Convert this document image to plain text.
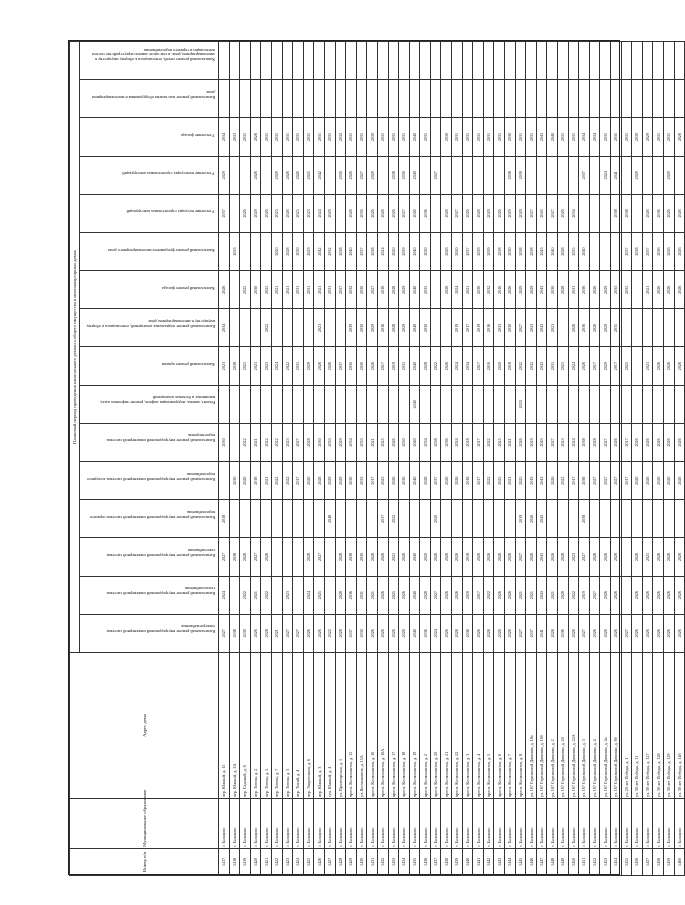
Номер п/п	Муниципальное образование	Адрес дома	Плановый период проведения капитального ремонта общего имущества в многоквартирных домах															

			Капитальный ремонт внутридомовой инженерной системы электроснабжения	Капитальный ремонт внутридомовой инженерной системы теплоснабжения	Капитальный ремонт внутридомовой инженерной системы газоснабжения	Капитальный ремонт внутридомовой инженерной системы горячего водоснабжения	Капитальный ремонт внутридомовой инженерной системы холодного водоснабжения	Капитальный ремонт внутридомовой инженерной системы водоотведения	Ремонт, замена, модернизация лифтов, ремонт лифтовых шахт, машинных и блочных помещений	Капитальный ремонт крыши	Капитальный ремонт подвальных помещений, относящихся к общему имуществу в многоквартирном доме	Капитальный ремонт фасада	Капитальный ремонт фундамента многоквартирного дома	Утепление несущих строительных конструкций	Утепление ненесущих строительных конструкций	Утепление фасада	Капитальный ремонт или замена оборудования в многоквартирном доме	Капитальный ремонт печей, относящихся к общему имуществу в многоквартирном доме, в том числе замена переустройство систем вентиляции и горячего водоснабжения

1417	г. Балаково	пер. Южный, д. 15	2027	2024	2027	2018		2030		2023	2034	2026		2037	2029	2034		
1418	г. Балаково	пер. Южный, д. 3А	2038		2038		2030			2038			2033			2033		
1419	г. Балаково	пер. Садовый, д. 8	2030	2022	2026		2020	2022		2021		2025		2026		2031		
1420	г. Балаково	пер. Титова, д. 2	2026	2021	2027		2018	2021		2021		2030		2029	2026	2026		
1421	г. Балаково	пер. Титова, д. 5	2028	2022	2026		2021	2022		2023	2022	2025		2026		2031		
1422	г. Балаково	пер. Титова, д. 7	2021				2022	2022		2024		2021	2020	2025	2029	2031		
1423	г. Балаково	пер. Титова, д. 3	2027	2023			2022	2023		2022		2021	2028	2026	2026	2031		
1424	г. Балаково	пер. Тихий, д. 4	2027				2017	2027		2031		2031	2030	2025	2026	2031		
1425	г. Балаково	пер. Энергетиков, д. 6	2026	2024	2028		2026	2028		2029		2031	2029	2023	2025	2031		
1426	г. Балаково	пер. Южный, д. 3	2026	2025	2027		2028	2030		2026	2021	2021	2042	2024	2042	2031		
1427	г. Балаково	туп. Южный, д. 4	2022			2048	2029	2033		2026		2031	2032	2029		2031		
1428	г. Балаково	ул. Пролетарская, д. 1	2028	2028	2028		2029	2029		2037		2037	2038		2030	2032		
1429	г. Балаково	просп. Космонавтов, д. 15	2037	2036	2038		2030	2034		2030	2039	2032	2040	2026	2026	2031		
1430	г. Балаково	ул. Космонавтов, д. 15А	2030	2031	2030		2033	2033		2030	2030	2030	2037	2030	2027	2031		
1431	г. Балаково	просп. Космонавтов, д. 16	2026	2021	2026		2017	2021		2026	2029	2027	2038	2026	2029	2030		
1432	г. Балаково	просп. Космонавтов, д. 16А	2026	2026	2026	2017	2025	2025		2017	2016	2016	2024	2026		2031		
1433	г. Балаково	просп. Космонавтов, д. 17	2026	2025	2025	2022	2026	2026		2019	2028	2028	2020	2026	2038	2031		
1434	г. Балаково	просп. Космонавтов, д. 18	2026	2026	2026		2030	2030		2031	2029	2029	2039	2027	2030	2031		
1435	г. Балаково	просп. Космонавтов, д. 19	2040	2040	2040		2040	2040	2040	2040	2040	2040	2040	2040	2040	2040		
1436	г. Балаково	просп. Космонавтов, д. 2	2036	2028	2020		2028	2034		2028	2030	2035	2030	2036		2031		
1437	г. Балаково	просп. Космонавтов, д. 20	2024	2027	2026	2020	2037	2038		2022					2027			
1438	г. Балаково	просп. Космонавтов, д. 21	2026	2026	2026		2026	2036		2026		2026	2026	2026		2030		
1439	г. Балаково	просп. Космонавтов, д. 22	2026	2026	2026		2026	2024		2024	2019	2024	2020	2027		2031		
1440	г. Балаково	просп. Космонавтов, д. 3	2036	2018	2018		2018	2018		2034	2017	2021	2037	2026		2031		
1441	г. Балаково	просп. Космонавтов, д. 4	2026	2017	2026		2017	2017		2017	2019	2036	2039	2026		2031		
1442	г. Балаково	просп. Космонавтов, д. 5	2026	2022	2026		2022	2022		2016	2016	2032	2039	2029		2031		
1443	г. Балаково	просп. Космонавтов, д. 6	2026	2026	2026		2025	2025		2020	2033	2016	2038	2026		2031		
1444	г. Балаково	просп. Космонавтов, д. 7	2026	2026	2026		2021	2021		2018	2030	2026	2030	2029	2038	2030		
1445	г. Балаково	просп. Космонавтов, д. 8	2027	2021	2027	2019	2025	2026	2033	2032	2027	2029	2038	2029	2039	2031		
1446	г. Балаково	ул. 167 Стрелковой Дивизии, д. 18а	2037	2021	2026	2026	2019	2019		2032	2023	2029	2038	2027		2031		
1447	г. Балаково	ул. 167 Стрелковой Дивизии, д. 18б	2041	2043	2043	2043	2043	2043		2043	2043	2043	2043	2043		2043		
1448	г. Балаково	ул. 167 Стрелковой Дивизии, д. 2	2026	2021	2026		2026	2027		2031	2021	2030	2040	2027		2040		
1449	г. Балаково	ул. 167 Стрелковой Дивизии, д. 20	2036	2028	2028		2022	2023		2021		2028	2028	2026		2031		
1450	г. Балаково	ул. 167 Стрелковой Дивизии, д. 22А	2026	2022	2023		2017	2024		2024	2026	2031	2035	2034		2031		
1451	г. Балаково	ул. 167 Стрелковой Дивизии, д. 3	2027	2019	2027	2038	2038	2038		2026	2036	2036	2040		2037	2034		
1452	г. Балаково	ул. 167 Стрелковой Дивизии, д. 4	2026	2027	2026		2027	2028		2017	2026	2026				2034		
1453	г. Балаково	ул. 167 Стрелковой Дивизии, д. 4а	2026	2026	2026		2027	2027		2029	2029	2029			2024	2035		
1454	г. Балаково	ул. 167 Стрелковой Дивизии, д. 8б	2026	2026	2026		2027	2026		2017	2035	2035		2038	2041	2035		
1455	г. Балаково	ул. 20 лет Победы, д. 1	2027				2017	2017		2025		2035	2037	2038		2031		
1456	г. Балаково	ул. 30 лет Победы, д. 11	2026	2026	2026		2026	2026					2038		2029	2030		
1457	г. Балаково	ул. 30 лет Победы, д. 127	2026	2026	2025		2026	2026		2021		2021	2037	2026		2029		
1458	г. Балаково	ул. 30 лет Победы, д. 128	2026	2026	2026		2026	2026		2026		2026	2036	2036		2031		
1459	г. Балаково	ул. 30 лет Победы, д. 129	2026	2026	2026		2026	2026		2026		2026	2026	2026	2020	2031		
1460	г. Балаково	ул. 30 лет Победы, д. 14б	2026	2026	2026		2026	2026		2026		2026	2026	2026		2026		
